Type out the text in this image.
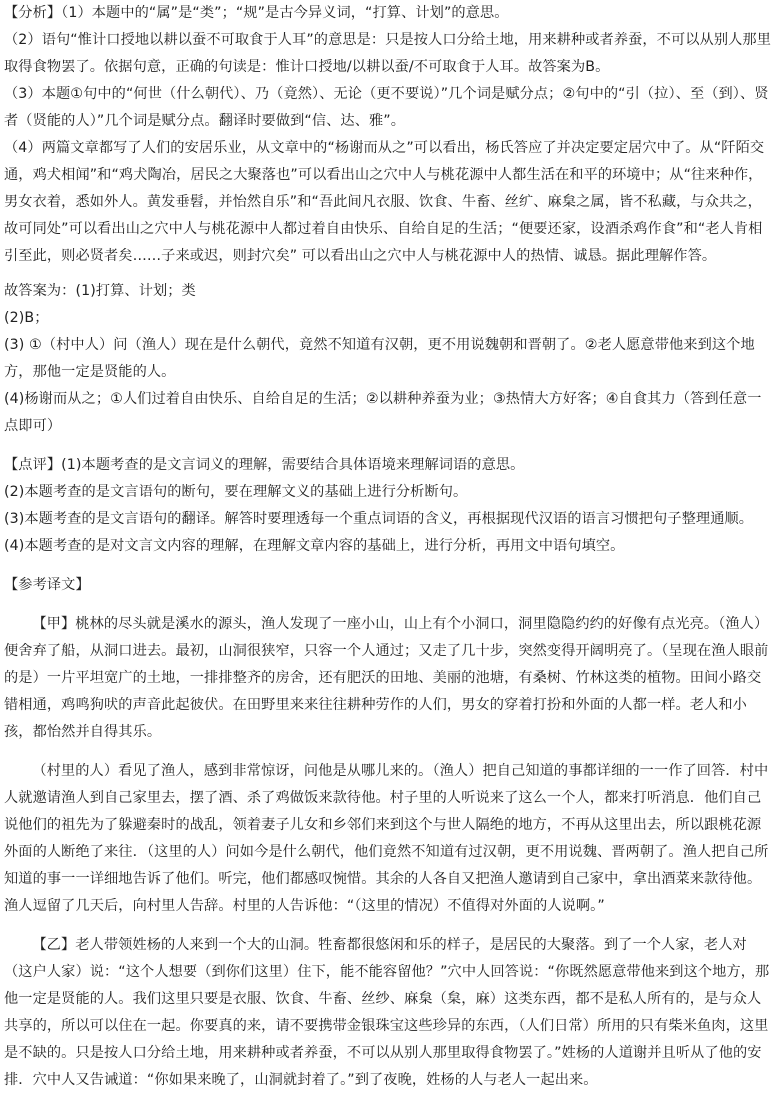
【分析】（1）本题中的“属”是“类”；“规”是古今异义词，“打算、计划”的意思。

（2）语句“惟计口授地以耕以蚕不可取食于人耳”的意思是：只是按人口分给土地，用来耕种或者养蚕，不可以从别人那里取得食物罢了。依据句意，正确的句读是：惟计口授地/以耕以蚕/不可取食于人耳。故答案为B。

（3）本题①句中的“何世（什么朝代）、乃（竟然）、无论（更不要说）”几个词是赋分点；②句中的“引（拉）、至（到）、贤者（贤能的人）”几个词是赋分点。翻译时要做到“信、达、雅”。

（4）两篇文章都写了人们的安居乐业，从文章中的“杨谢而从之”可以看出，杨氏答应了并决定要定居穴中了。从“阡陌交通，鸡犬相闻”和“鸡犬陶冶，居民之大聚落也”可以看出山之穴中人与桃花源中人都生活在和平的环境中；从“往来种作，男女衣着，悉如外人。黄发垂髫，并怡然自乐”和“吾此间凡衣服、饮食、牛畜、丝纩、麻枲之属，皆不私藏，与众共之，故可同处”可以看出山之穴中人与桃花源中人都过着自由快乐、自给自足的生活；“便要还家，设酒杀鸡作食”和“老人肯相引至此，则必贤者矣……子来或迟，则封穴矣” 可以看出山之穴中人与桃花源中人的热情、诚恳。据此理解作答。

故答案为：(1)打算、计划；类

(2)B；

(3) ①（村中人）问（渔人）现在是什么朝代，竟然不知道有汉朝，更不用说魏朝和晋朝了。②老人愿意带他来到这个地方，那他一定是贤能的人。

(4)杨谢而从之；①人们过着自由快乐、自给自足的生活；②以耕种养蚕为业；③热情大方好客；④自食其力（答到任意一点即可）

【点评】(1)本题考查的是文言词义的理解，需要结合具体语境来理解词语的意思。

(2)本题考查的是文言语句的断句，要在理解文义的基础上进行分析断句。

(3)本题考查的是文言语句的翻译。解答时要理透每一个重点词语的含义，再根据现代汉语的语言习惯把句子整理通顺。

(4)本题考查的是对文言文内容的理解，在理解文章内容的基础上，进行分析，再用文中语句填空。

【参考译文】

【甲】桃林的尽头就是溪水的源头，渔人发现了一座小山，山上有个小洞口，洞里隐隐约约的好像有点光亮。（渔人）便舍弃了船，从洞口进去。最初，山洞很狭窄，只容一个人通过；又走了几十步，突然变得开阔明亮了。（呈现在渔人眼前的是）一片平坦宽广的土地，一排排整齐的房舍，还有肥沃的田地、美丽的池塘，有桑树、竹林这类的植物。田间小路交错相通，鸡鸣狗吠的声音此起彼伏。在田野里来来往往耕种劳作的人们，男女的穿着打扮和外面的人都一样。老人和小孩，都怡然并自得其乐。

（村里的人）看见了渔人，感到非常惊讶，问他是从哪儿来的。（渔人）把自己知道的事都详细的一一作了回答．村中人就邀请渔人到自己家里去，摆了酒、杀了鸡做饭来款待他。村子里的人听说来了这么一个人，都来打听消息．他们自己说他们的祖先为了躲避秦时的战乱，领着妻子儿女和乡邻们来到这个与世人隔绝的地方，不再从这里出去，所以跟桃花源外面的人断绝了来往．（这里的人）问如今是什么朝代，他们竟然不知道有过汉朝，更不用说魏、晋两朝了。渔人把自己所知道的事一一详细地告诉了他们。听完，他们都感叹惋惜。其余的人各自又把渔人邀请到自己家中，拿出酒菜来款待他。渔人逗留了几天后，向村里人告辞。村里的人告诉他：“（这里的情况）不值得对外面的人说啊。”

【乙】老人带领姓杨的人来到一个大的山洞。牲畜都很悠闲和乐的样子，是居民的大聚落。到了一个人家，老人对（这户人家）说：“这个人想要（到你们这里）住下，能不能容留他？”穴中人回答说：“你既然愿意带他来到这个地方，那他一定是贤能的人。我们这里只要是衣服、饮食、牛畜、丝纱、麻枲（枲，麻）这类东西，都不是私人所有的，是与众人共享的，所以可以住在一起。你要真的来，请不要携带金银珠宝这些珍异的东西，（人们日常）所用的只有柴米鱼肉，这里是不缺的。只是按人口分给土地，用来耕种或者养蚕，不可以从别人那里取得食物罢了。”姓杨的人道谢并且听从了他的安排．穴中人又告诫道：“你如果来晚了，山洞就封着了。”到了夜晚，姓杨的人与老人一起出来。
